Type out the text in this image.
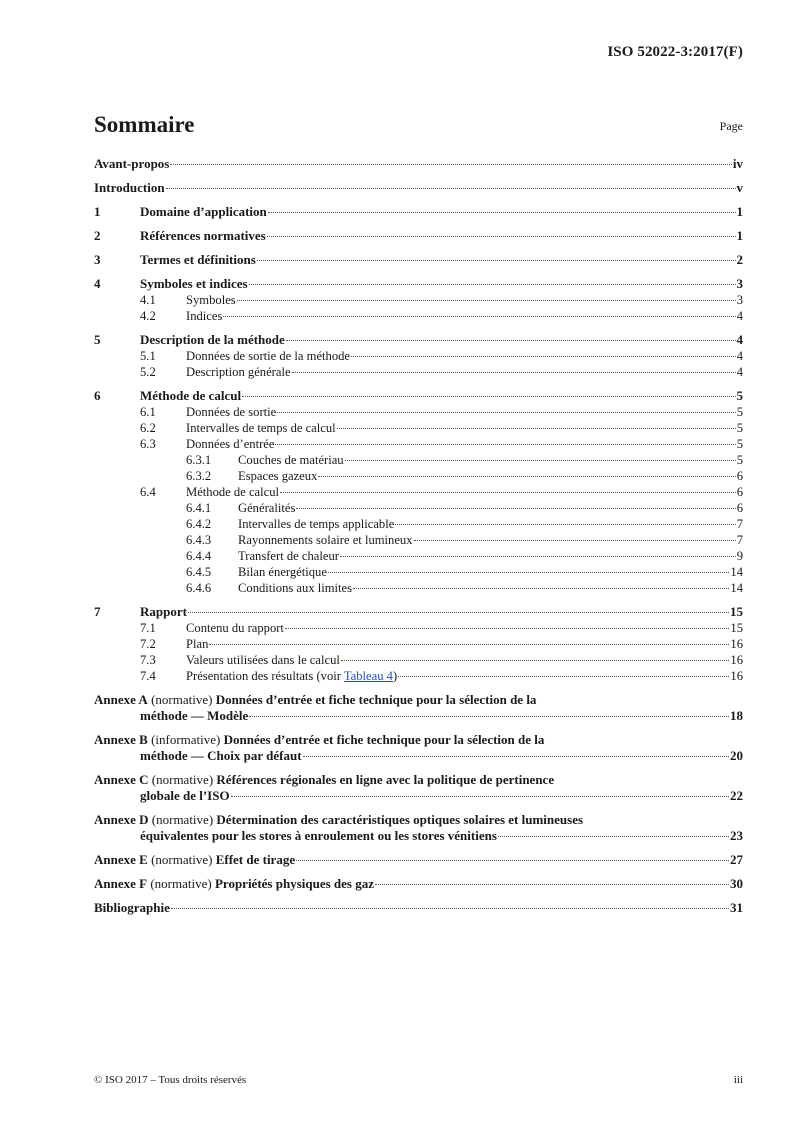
ISO 52022-3:2017(F)
Sommaire	Page
Avant-propos	iv
Introduction	v
1	Domaine d’application	1
2	Références normatives	1
3	Termes et définitions	2
4	Symboles et indices	3
4.1	Symboles	3
4.2	Indices	4
5	Description de la méthode	4
5.1	Données de sortie de la méthode	4
5.2	Description générale	4
6	Méthode de calcul	5
6.1	Données de sortie	5
6.2	Intervalles de temps de calcul	5
6.3	Données d’entrée	5
6.3.1	Couches de matériau	5
6.3.2	Espaces gazeux	6
6.4	Méthode de calcul	6
6.4.1	Généralités	6
6.4.2	Intervalles de temps applicable	7
6.4.3	Rayonnements solaire et lumineux	7
6.4.4	Transfert de chaleur	9
6.4.5	Bilan énergétique	14
6.4.6	Conditions aux limites	14
7	Rapport	15
7.1	Contenu du rapport	15
7.2	Plan	16
7.3	Valeurs utilisées dans le calcul	16
7.4	Présentation des résultats (voir Tableau 4)	16
Annexe A (normative) Données d’entrée et fiche technique pour la sélection de la
méthode — Modèle	18
Annexe B (informative) Données d’entrée et fiche technique pour la sélection de la
méthode — Choix par défaut	20
Annexe C (normative) Références régionales en ligne avec la politique de pertinence
globale de l’ISO	22
Annexe D (normative) Détermination des caractéristiques optiques solaires et lumineuses
équivalentes pour les stores à enroulement ou les stores vénitiens	23
Annexe E (normative) Effet de tirage	27
Annexe F (normative) Propriétés physiques des gaz	30
Bibliographie	31
© ISO 2017 – Tous droits réservés	iii
